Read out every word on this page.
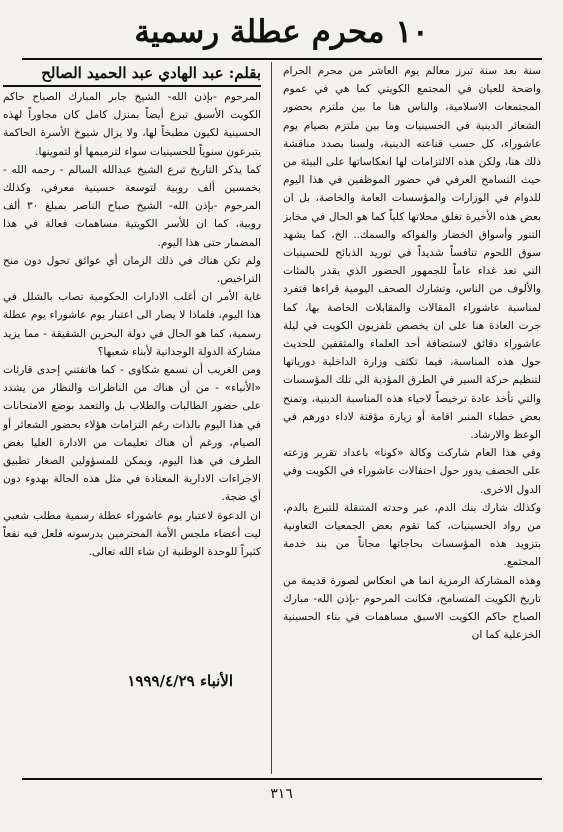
١٠ محرم عطلة رسمية
بقلم: عبد الهادي عبد الحميد الصالح سنة بعد سنة تبرز معالم يوم العاشر من محرم الحرام واضحة للعيان في المجتمع الكويتي كما هي في عموم المجتمعات الاسلامية، والناس هنا ما بين ملتزم بحضور الشعائر الدينية في الحسينيات وما بين ملتزم بصيام يوم عاشوراء، كل حسب قناعته الدينية، ولسنا بصدد مناقشة ذلك هنا، ولكن هذه الالتزامات لها انعكاساتها على البيئة من حيث التسامح العرفي في حضور الموظفين في هذا اليوم للدوام في الوزارات والمؤسسات العامة والخاصة، بل ان بعض هذه الأخيرة تغلق محلاتها كلياً كما هو الحال في مخابز التنور وأسواق الخضار والفواكه والسمك.. الخ، كما يشهد سوق اللحوم تنافساً شديداً في توريد الذبائح للحسينيات التي تعد غداء عاماً للجمهور الحضور الذي يقدر بالمئات والألوف من الناس، وتشارك الصحف اليومية قراءها فتفرد لمناسبة عاشوراء المقالات والمقابلات الخاصة بها، كما جرت العادة هنا على ان يخصص تلفزيون الكويت في ليلة عاشوراء دقائق لاستضافة أحد العلماء والمثقفين للحديث حول هذه المناسبة، فيما تكثف وزارة الداخلية دورياتها لتنظيم حركة السير في الطرق المؤدية الى تلك المؤسسات والتي تأخذ عادة ترخيصاً لاحياء هذه المناسبة الدينية، وتمنح بعض خطباء المنبر اقامة أو زيارة مؤقتة لاداء دورهم في الوعظ والارشاد.

وفي هذا العام شاركت وكالة «كونا» باعداد تقرير وزعته على الحصف يدور حول احتفالات عاشوراء في الكويت وفي الدول الاخرى.

وكذلك شارك بنك الدم، عبر وحدته المتنقلة للتبرع بالدم، من رواد الحسينيات، كما تقوم بعض الجمعيات التعاونية بتزويد هذه المؤسسات بحاجاتها مجاناً من بند خدمة المجتمع.

وهذه المشاركة الرمزية انما هي انعكاس لصورة قديمة من تاريخ الكويت المتسامح، فكانت المرحوم -بإذن الله- مبارك الصباح حاكم الكويت الاسبق مساهمات في بناء الحسينية الخزعلية كما ان

المرحوم -بإذن الله- الشيخ جابر المبارك الصباح حاكم الكويت الأسبق تبرع أيضاً بمنزل كامل كان مجاوراً لهذه الحسينية لكيون مطبخاً لها، ولا يزال شيوخ الأسرة الحاكمة يتبرعون سنوياً للحسينيات سواء لترميمها أو لتموينها.

كما يذكر التاريخ تبرع الشيخ عبدالله السالم - رحمه الله - بخمسين ألف روبية لتوسعة حسينية معرفي، وكذلك المرحوم -بإذن الله- الشيخ صباح الناصر بمبلغ ٣٠ ألف روبية، كما ان للأسر الكويتية مساهمات فعالة في هذا المضمار حتى هذا اليوم.

ولم تكن هناك في ذلك الزمان أي عوائق تحول دون منح التراخيص.

غاية الأمر ان أغلب الادارات الحكومية تصاب بالشلل في هذا اليوم، فلماذا لا يصار الى اعتبار يوم عاشوراء يوم عطلة رسمية، كما هو الحال في دولة البحرين الشقيقة - مما يزيد مشاركة الدولة الوجدانية لأبناء شعبها؟

ومن الغريب أن نسمع شكاوى - كما هاتفتني إحدى قارئات «الأنباء» - من أن هناك من الناظرات والنظار من يشدد على حضور الطالبات والطلاب بل والتعمد بوضع الامتحانات في هذا اليوم بالذات رغم التزامات هؤلاء بحضور الشعائر أو الصيام، ورغم أن هناك تعليمات من الادارة العليا بغض الطرف في هذا اليوم، ويمكن للمسؤولين الصغار تطبيق الاجراءات الادارية المعتادة في مثل هذه الحالة بهدوء دون أي ضجة.

ان الدعوة لاعتبار يوم عاشوراء عطلة رسمية مطلب شعبي ليت أعضاء ملجس الأمة المحترمين يدرسونه فلعل فيه نفعاً كثيراً للوحدة الوطنية ان شاء الله تعالى.

الأنباء ١٩٩٩/٤/٢٩
٣١٦
